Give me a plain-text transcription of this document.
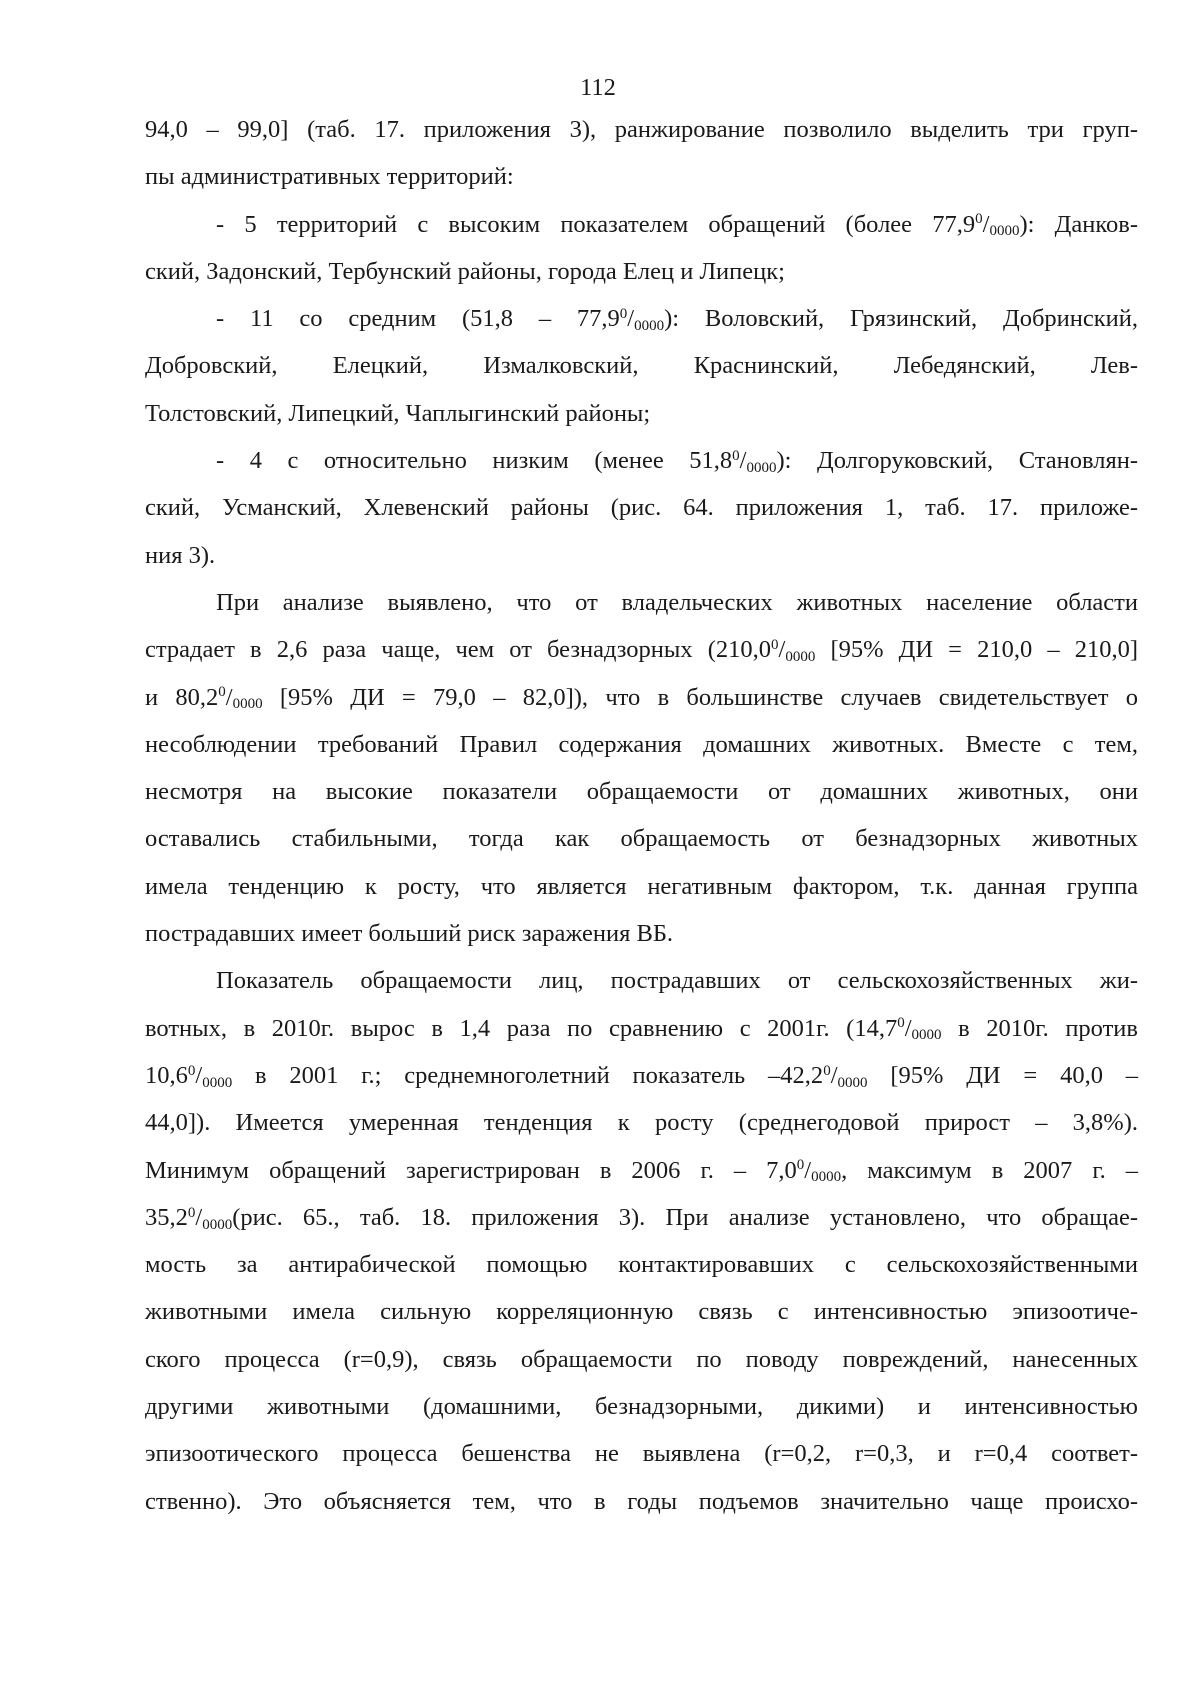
112
94,0 – 99,0] (таб. 17. приложения 3), ранжирование позволило выделить три груп-
пы административных территорий:
- 5 территорий с высоким показателем обращений (более $77,9^0/_{0000}$): Данков-
ский, Задонский, Тербунский районы, города Елец и Липецк;
- 11 со средним $(51,8 - 77,9^0/_{0000})$: Воловский, Грязинский, Добринский,
Добровский, Елецкий, Измалковский, Краснинский, Лебедянский, Лев-
Толстовский, Липецкий, Чаплыгинский районы;
- 4 с относительно низким (менее $51,8^0/_{0000}$): Долгоруковский, Становлян-
ский, Усманский, Хлевенский районы (рис. 64. приложения 1, таб. 17. приложе-
ния 3).
При анализе выявлено, что от владельческих животных население области
страдает в 2,6 раза чаще, чем от безнадзорных ($210,0^0/_{0000}$ [95% ДИ = 210,0 – 210,0]
и $80,2^0/_{0000}$ [95% ДИ = 79,0 – 82,0]), что в большинстве случаев свидетельствует о
несоблюдении требований Правил содержания домашних животных. Вместе с тем,
несмотря на высокие показатели обращаемости от домашних животных, они
оставались стабильными, тогда как обращаемость от безнадзорных животных
имела тенденцию к росту, что является негативным фактором, т.к. данная группа
пострадавших имеет больший риск заражения ВБ.
Показатель обращаемости лиц, пострадавших от сельскохозяйственных жи-
вотных, в 2010г. вырос в 1,4 раза по сравнению с 2001г. ($14,7^0/_{0000}$ в 2010г. против
$10,6^0/_{0000}$ в 2001 г.; среднемноголетний показатель $-42,2^0/_{0000}$ [95% ДИ = 40,0 –
44,0]). Имеется умеренная тенденция к росту (среднегодовой прирост – 3,8%).
Минимум обращений зарегистрирован в 2006 г. – $7,0^0/_{0000}$, максимум в 2007 г. –
$35,2^0/_{0000}(рис$. 65., таб. 18. приложения 3). При анализе установлено, что обращае-
мость за антирабической помощью контактировавших с сельскохозяйственными
животными имела сильную корреляционную связь с интенсивностью эпизоотиче-
ского процесса (r=0,9), связь обращаемости по поводу повреждений, нанесенных
другими животными (домашними, безнадзорными, дикими) и интенсивностью
эпизоотического процесса бешенства не выявлена (r=0,2, r=0,3, и r=0,4 соответ-
ственно). Это объясняется тем, что в годы подъемов значительно чаще происхо-
